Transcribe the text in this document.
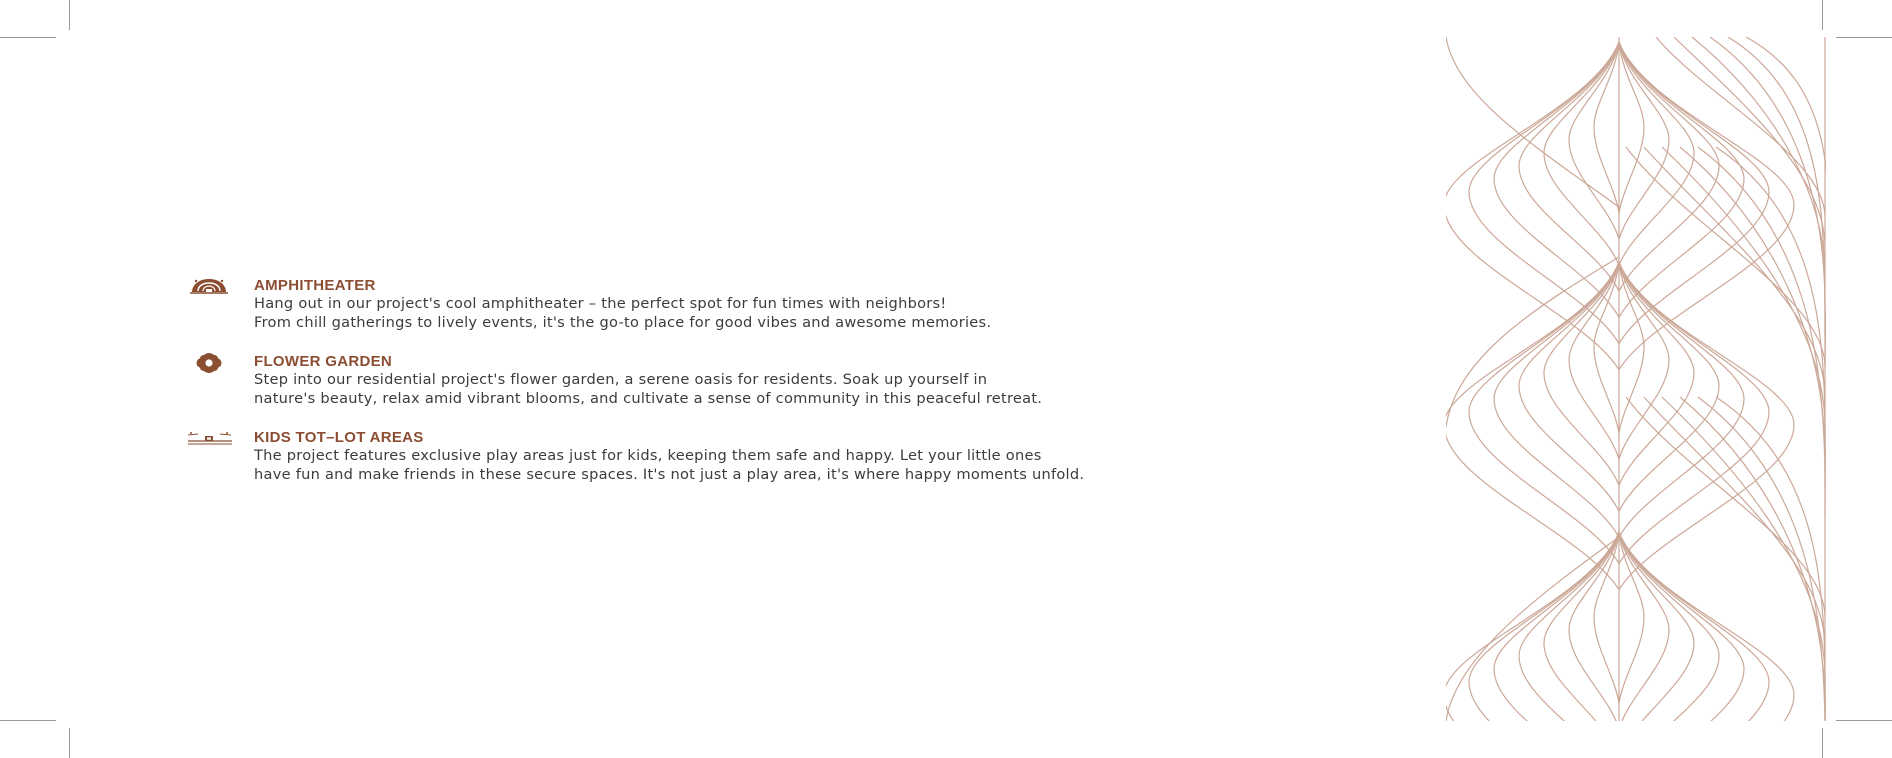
AMPHITHEATER

Hang out in our project's cool amphitheater – the perfect spot for fun times with neighbors!

From chill gatherings to lively events, it's the go-to place for good vibes and awesome memories.

FLOWER GARDEN

Step into our residential project's flower garden, a serene oasis for residents. Soak up yourself in

nature's beauty, relax amid vibrant blooms, and cultivate a sense of community in this peaceful retreat.

KIDS TOT–LOT AREAS

The project features exclusive play areas just for kids, keeping them safe and happy. Let your little ones

have fun and make friends in these secure spaces. It's not just a play area, it's where happy moments unfold.
